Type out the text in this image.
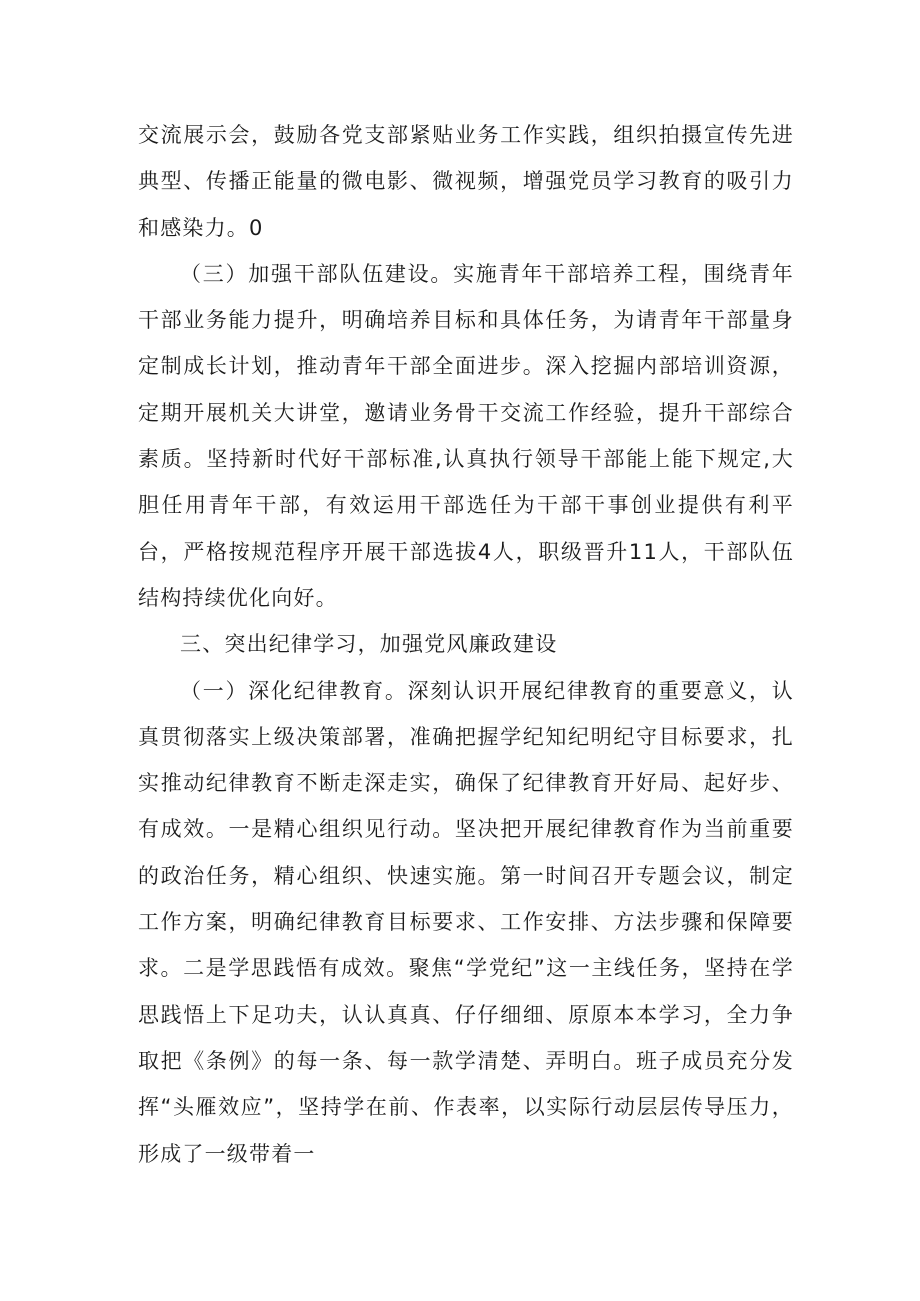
交流展示会，鼓励各党支部紧贴业务工作实践，组织拍摄宣传先进典型、传播正能量的微电影、微视频，增强党员学习教育的吸引力和感染力。0

（三）加强干部队伍建设。实施青年干部培养工程，围绕青年干部业务能力提升，明确培养目标和具体任务，为请青年干部量身定制成长计划，推动青年干部全面进步。深入挖掘内部培训资源，定期开展机关大讲堂，邀请业务骨干交流工作经验，提升干部综合素质。坚持新时代好干部标准,认真执行领导干部能上能下规定,大胆任用青年干部，有效运用干部选任为干部干事创业提供有利平台，严格按规范程序开展干部选拔4人，职级晋升11人，干部队伍结构持续优化向好。

三、突出纪律学习，加强党风廉政建设

（一）深化纪律教育。深刻认识开展纪律教育的重要意义，认真贯彻落实上级决策部署，准确把握学纪知纪明纪守目标要求，扎实推动纪律教育不断走深走实，确保了纪律教育开好局、起好步、有成效。一是精心组织见行动。坚决把开展纪律教育作为当前重要的政治任务，精心组织、快速实施。第一时间召开专题会议，制定工作方案，明确纪律教育目标要求、工作安排、方法步骤和保障要求。二是学思践悟有成效。聚焦“学党纪”这一主线任务，坚持在学思践悟上下足功夫，认认真真、仔仔细细、原原本本学习，全力争取把《条例》的每一条、每一款学清楚、弄明白。班子成员充分发挥“头雁效应”，坚持学在前、作表率，以实际行动层层传导压力，形成了一级带着一
